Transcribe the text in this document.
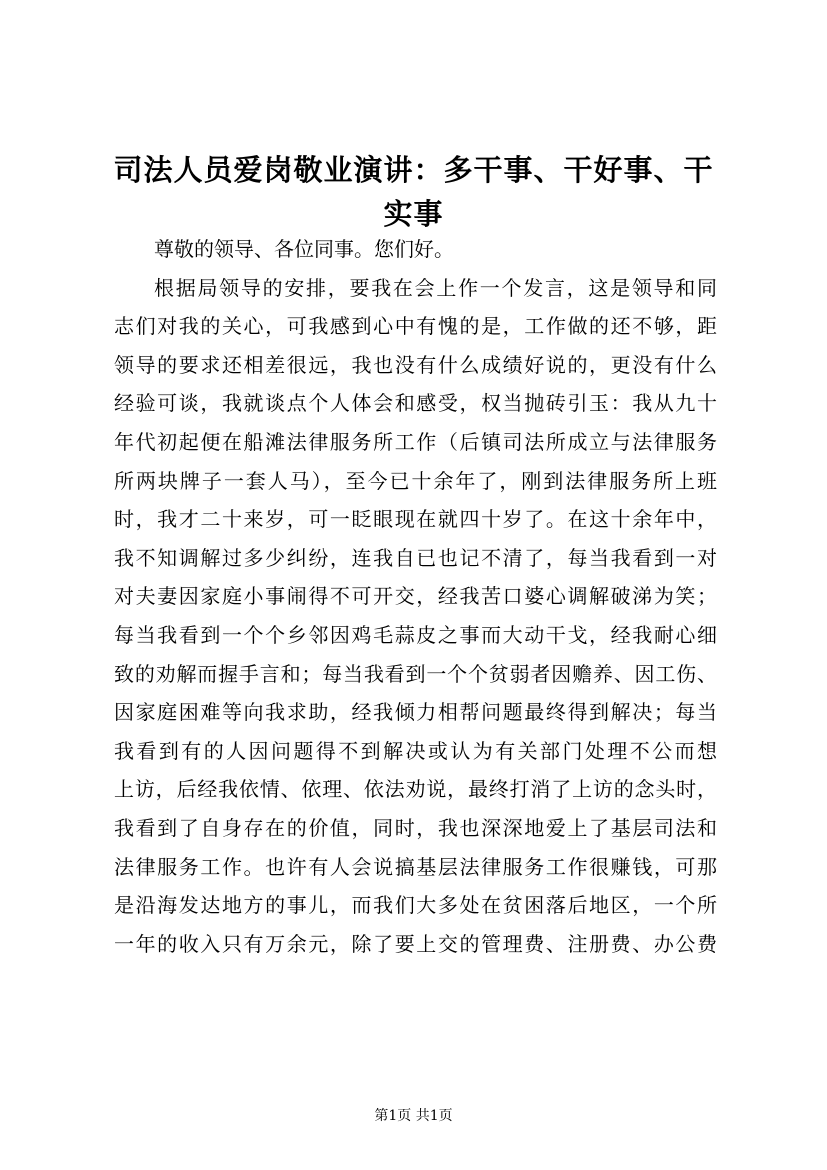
司法人员爱岗敬业演讲：多干事、干好事、干实事
尊敬的领导、各位同事。您们好。
根据局领导的安排，要我在会上作一个发言，这是领导和同
志们对我的关心，可我感到心中有愧的是，工作做的还不够，距
领导的要求还相差很远，我也没有什么成绩好说的，更没有什么
经验可谈，我就谈点个人体会和感受，权当抛砖引玉：我从九十
年代初起便在船滩法律服务所工作（后镇司法所成立与法律服务
所两块牌子一套人马），至今已十余年了，刚到法律服务所上班
时，我才二十来岁，可一眨眼现在就四十岁了。在这十余年中，
我不知调解过多少纠纷，连我自已也记不清了，每当我看到一对
对夫妻因家庭小事闹得不可开交，经我苦口婆心调解破涕为笑；
每当我看到一个个乡邻因鸡毛蒜皮之事而大动干戈，经我耐心细
致的劝解而握手言和；每当我看到一个个贫弱者因赡养、因工伤、
因家庭困难等向我求助，经我倾力相帮问题最终得到解决；每当
我看到有的人因问题得不到解决或认为有关部门处理不公而想
上访，后经我依情、依理、依法劝说，最终打消了上访的念头时，
我看到了自身存在的价值，同时，我也深深地爱上了基层司法和
法律服务工作。也许有人会说搞基层法律服务工作很赚钱，可那
是沿海发达地方的事儿，而我们大多处在贫困落后地区，一个所
一年的收入只有万余元，除了要上交的管理费、注册费、办公费
第1页 共1页
